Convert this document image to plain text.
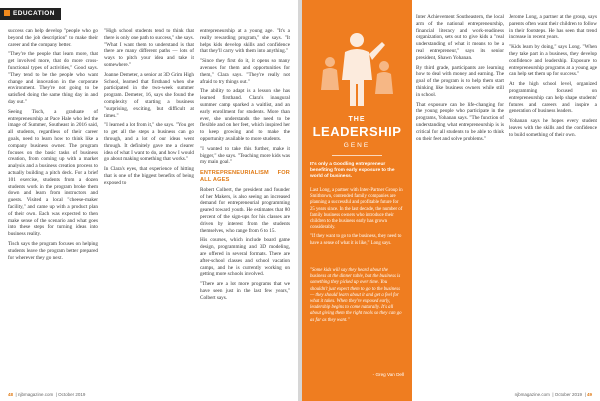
EDUCATION

success can help develop "people who go beyond the job description" to make their career and the company better.

"They're the people that learn more, that get involved more, that do more cross-functional types of activities," Good says. "They tend to be the people who want change and innovation in the corporate environment. They're not going to be satisfied doing the same thing day in and day out."

Seeing Tisch, a graduate of entrepreneurship at Pace Hale who led the image of Summer, Southeast in 2016 said, all students, regardless of their career goals, need to learn how to think like a company business owner. The program focuses on the basic tasks of business creation, from coming up with a market analysis and a business creation process to actually building a pitch deck. For a brief 101 exercise, students from a dozen students work in the program broke them down and learn from instructors and guests. Visited a local "cheese-maker facility," and came up with a product plan of their own. Each was expected to then make sense of the scenario and what goes into these steps for turning ideas into business reality.

Tisch says the program focuses on helping students leave the program better prepared for wherever they go next.

"High school students tend to think that there is only one path to success," she says. "What I want them to understand is that there are many different paths — lots of ways to pitch your idea and take it somewhere."

Joanne Demeter, a senior at 3D Grim High School, learned that firsthand when she participated in the two-week summer program. Demeter, 16, says she found the complexity of starting a business "surprising, exciting, but difficult at times."

"I learned a lot from it," she says. "You get to get all the steps a business can go through, and a lot of our ideas went through. It definitely gave me a clearer idea of what I want to do, and how I would go about making something that works."

In Clara's eyes, that experience of hitting that is one of the biggest benefits of being exposed to

entrepreneurship at a young age. "It's a really rewarding program," she says. "It helps kids develop skills and confidence that they'll carry with them into anything."

"Since they first do it, it opens so many avenues for them and opportunities for them," Clara says. "They're really not afraid to try things out."

The ability to adapt is a lesson she has learned firsthand. Clara's inaugural summer camp sparked a waitlist, and an early enrollment for students. More than ever, she understands the need to be flexible and on her feet, which inspired her to keep growing and to make the opportunity available to more students.

"I wanted to take this further, make it bigger," she says. "Teaching more kids was my main goal."

ENTREPRENEURIALISM FOR ALL AGES

Robert Colbert, the president and founder of her Makers, is also seeing an increased demand for entrepreneurial programming geared toward youth. He estimates that 80 percent of the sign-ups for his classes are driven by interest from the students themselves, who range from 6 to 15.

His courses, which include board game design, programming and 3D modeling, are offered in several formats. There are after-school classes and school vacation camps, and he is currently working on getting more schools involved.

"There are a lot more programs that we have seen just in the last few years," Colbert says.

48  | njbmagazine.com  | October 2019
THE
LEADERSHIP
GENE
It's only a Goodling entrepreneur benefiting from early exposure to the world of business.

Last Long, a partner with Inter-Partner Group in Smithtown, contended family companies are planning a successful and profitable future for 25 years since. In the last decade, the number of family business owners who introduce their children to the business early has grown considerably.

"If they want to go to the business, they need to have a sense of what it is like," Long says.

"Some kids will say they heard about the business at the dinner table, but the business is something they picked up over time. You shouldn't just expect them to go to the business — they should learn about it and get a feel for what it takes. When they're exposed early, leadership begins to come naturally. It's all about giving them the right tools so they can go as far as they want."
- Greg Van Dell

Inter Achievement Southeastern, the local arm of the national entrepreneurship, financial literacy and work-readiness organization, sets out to give kids a "real understanding of what it means to be a real entrepreneur," says its senior president, Shawn Yohanan.

By third grade, participants are learning how to deal with money and earning. The goal of the program is to help them start thinking like business owners while still in school.

That exposure can be life-changing for the young people who participate in the programs, Yohanan says. "The function of understanding what entrepreneurship is is critical for all students to be able to think on their feet and solve problems."

Jerome Long, a partner at the group, says parents often want their children to follow in their footsteps. He has seen that trend increase in recent years.

"Kids learn by doing," says Long. "When they take part in a business, they develop confidence and leadership. Exposure to entrepreneurship programs at a young age can help set them up for success."

At the high school level, organized programming focused on entrepreneurship can help shape students' futures and careers and inspire a generation of business leaders.

Yohanan says he hopes every student leaves with the skills and the confidence to build something of their own.

njbmagazine.com  | October 2019  | 49
